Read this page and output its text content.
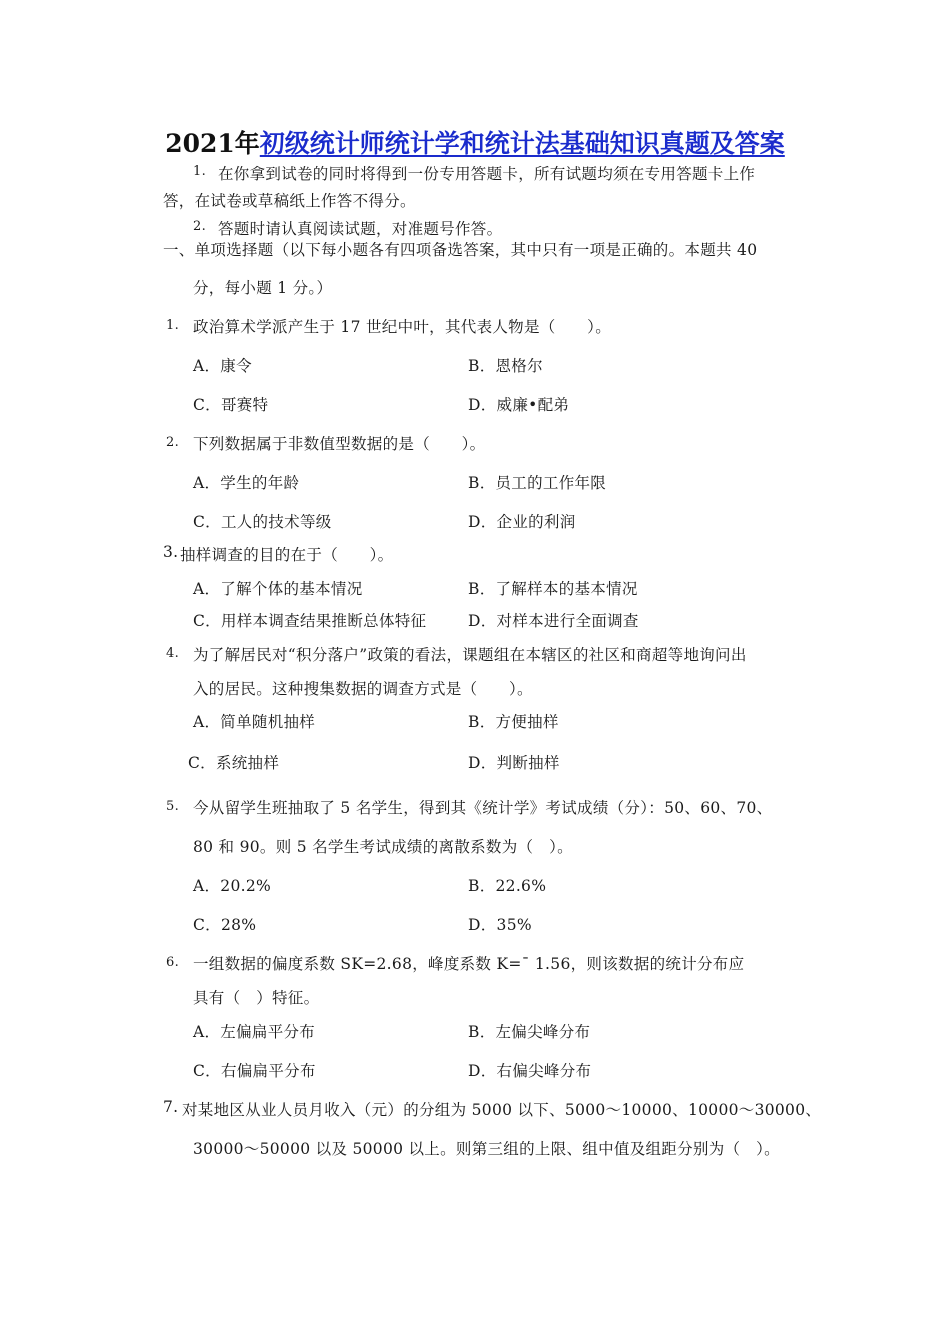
2021年初级统计师统计学和统计法基础知识真题及答案
1. 在你拿到试卷的同时将得到一份专用答题卡，所有试题均须在专用答题卡上作
答，在试卷或草稿纸上作答不得分。
2. 答题时请认真阅读试题，对准题号作答。
一、单项选择题（以下每小题各有四项备选答案，其中只有一项是正确的。本题共 40
分，每小题 1 分。）
1. 政治算术学派产生于 17 世纪中叶，其代表人物是（　　）。
A．康令	B．恩格尔
C．哥赛特	D．威廉•配弟
2. 下列数据属于非数值型数据的是（　　）。
A．学生的年龄	B．员工的工作年限
C．工人的技术等级	D．企业的利润
3. 抽样调查的目的在于（　　）。
A．了解个体的基本情况	B．了解样本的基本情况
C．用样本调查结果推断总体特征	D．对样本进行全面调查
4. 为了解居民对“积分落户”政策的看法，课题组在本辖区的社区和商超等地询问出
入的居民。这种搜集数据的调查方式是（　　）。
A．简单随机抽样	B．方便抽样
C．系统抽样	D．判断抽样
5. 今从留学生班抽取了 5 名学生，得到其《统计学》考试成绩（分）：50、60、70、
80 和 90。则 5 名学生考试成绩的离散系数为（　）。
A．20.2%	B．22.6%
C．28%	D．35%
6. 一组数据的偏度系数 SK=2.68，峰度系数 K=ˉ 1.56，则该数据的统计分布应
具有（　）特征。
A．左偏扁平分布	B．左偏尖峰分布
C．右偏扁平分布	D．右偏尖峰分布
7. 对某地区从业人员月收入（元）的分组为 5000 以下、5000～10000、10000～30000、
30000～50000 以及 50000 以上。则第三组的上限、组中值及组距分别为（　）。
